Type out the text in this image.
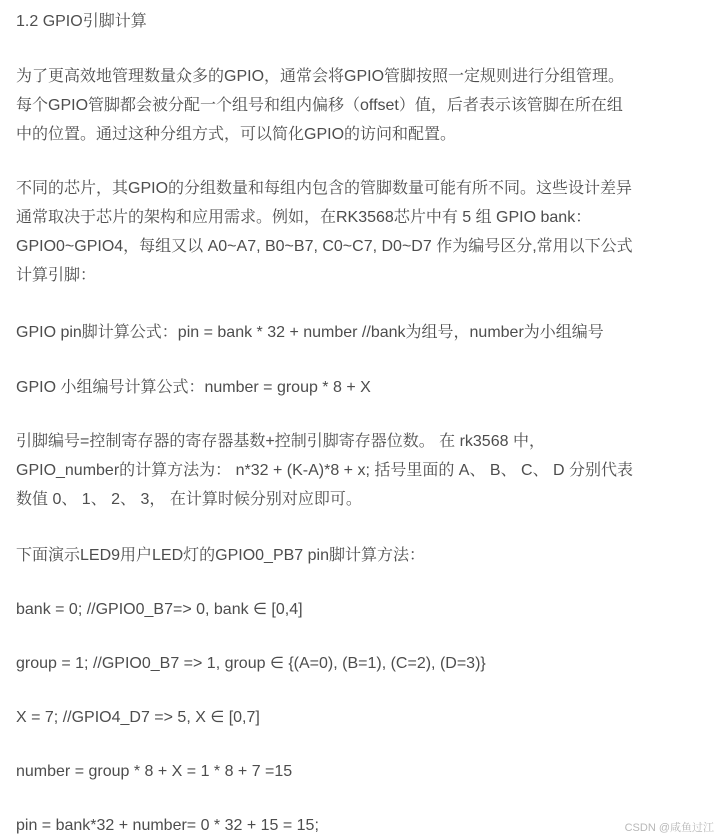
1.2 GPIO引脚计算

为了更高效地管理数量众多的GPIO，通常会将GPIO管脚按照一定规则进行分组管理。
每个GPIO管脚都会被分配一个组号和组内偏移（offset）值，后者表示该管脚在所在组
中的位置。通过这种分组方式，可以简化GPIO的访问和配置。

不同的芯片，其GPIO的分组数量和每组内包含的管脚数量可能有所不同。这些设计差异
通常取决于芯片的架构和应用需求。例如，在RK3568芯片中有 5 组 GPIO bank：
GPIO0~GPIO4，每组又以 A0~A7, B0~B7, C0~C7, D0~D7 作为编号区分,常用以下公式
计算引脚：

GPIO pin脚计算公式：pin = bank * 32 + number //bank为组号，number为小组编号

GPIO 小组编号计算公式：number = group * 8 + X

引脚编号=控制寄存器的寄存器基数+控制引脚寄存器位数。 在 rk3568 中，
GPIO_number的计算方法为： n*32 + (K-A)*8 + x; 括号里面的 A、 B、 C、 D 分别代表
数值 0、 1、 2、 3， 在计算时候分别对应即可。

下面演示LED9用户LED灯的GPIO0_PB7 pin脚计算方法：

bank = 0; //GPIO0_B7=> 0, bank ∈ [0,4]

group = 1; //GPIO0_B7 => 1, group ∈ {(A=0), (B=1), (C=2), (D=3)}

X = 7; //GPIO4_D7 => 5, X ∈ [0,7]

number = group * 8 + X = 1 * 8 + 7 =15

pin = bank*32 + number= 0 * 32 + 15 = 15;	CSDN @咸鱼过江
